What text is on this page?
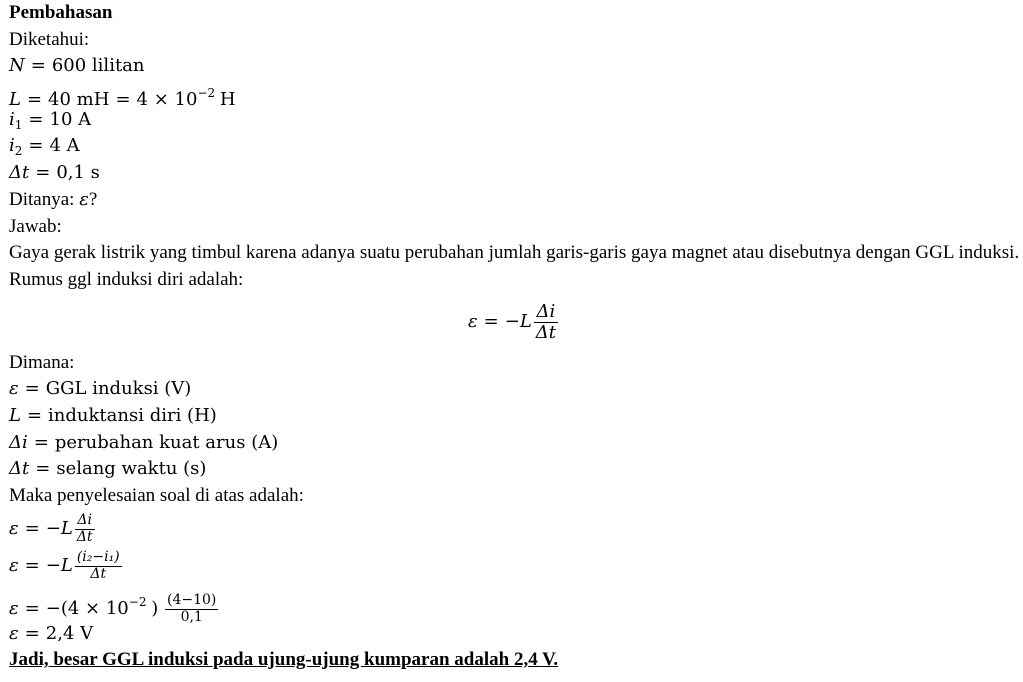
Pembahasan
Diketahui:
N = 600 lilitan
L = 40 mH = $4 \times 10^{-2}$ H
$i_1 = 10$ A
$i_2 = 4$ A
Δt = 0,1 s
Ditanya: ε?
Jawab:
Gaya gerak listrik yang timbul karena adanya suatu perubahan jumlah garis-garis gaya magnet atau disebutnya dengan GGL induksi. Rumus ggl induksi diri adalah:
$\varepsilon = -L \frac{\Delta i}{\Delta t}$
Dimana:
ε = GGL induksi (V)
L = induktansi diri (H)
Δi = perubahan kuat arus (A)
Δt = selang waktu (s)
Maka penyelesaian soal di atas adalah:
$\varepsilon = -L \frac{\Delta i}{\Delta t}$
$\varepsilon = -L \frac{\text{(i₂−i₁)}}{\Delta t}$
$\varepsilon = -(4 \times 10^{-2}$ ) $\frac{(4-10)}{0,1}$
ε = 2,4 V
Jadi, besar GGL induksi pada ujung-ujung kumparan adalah 2,4 V.
